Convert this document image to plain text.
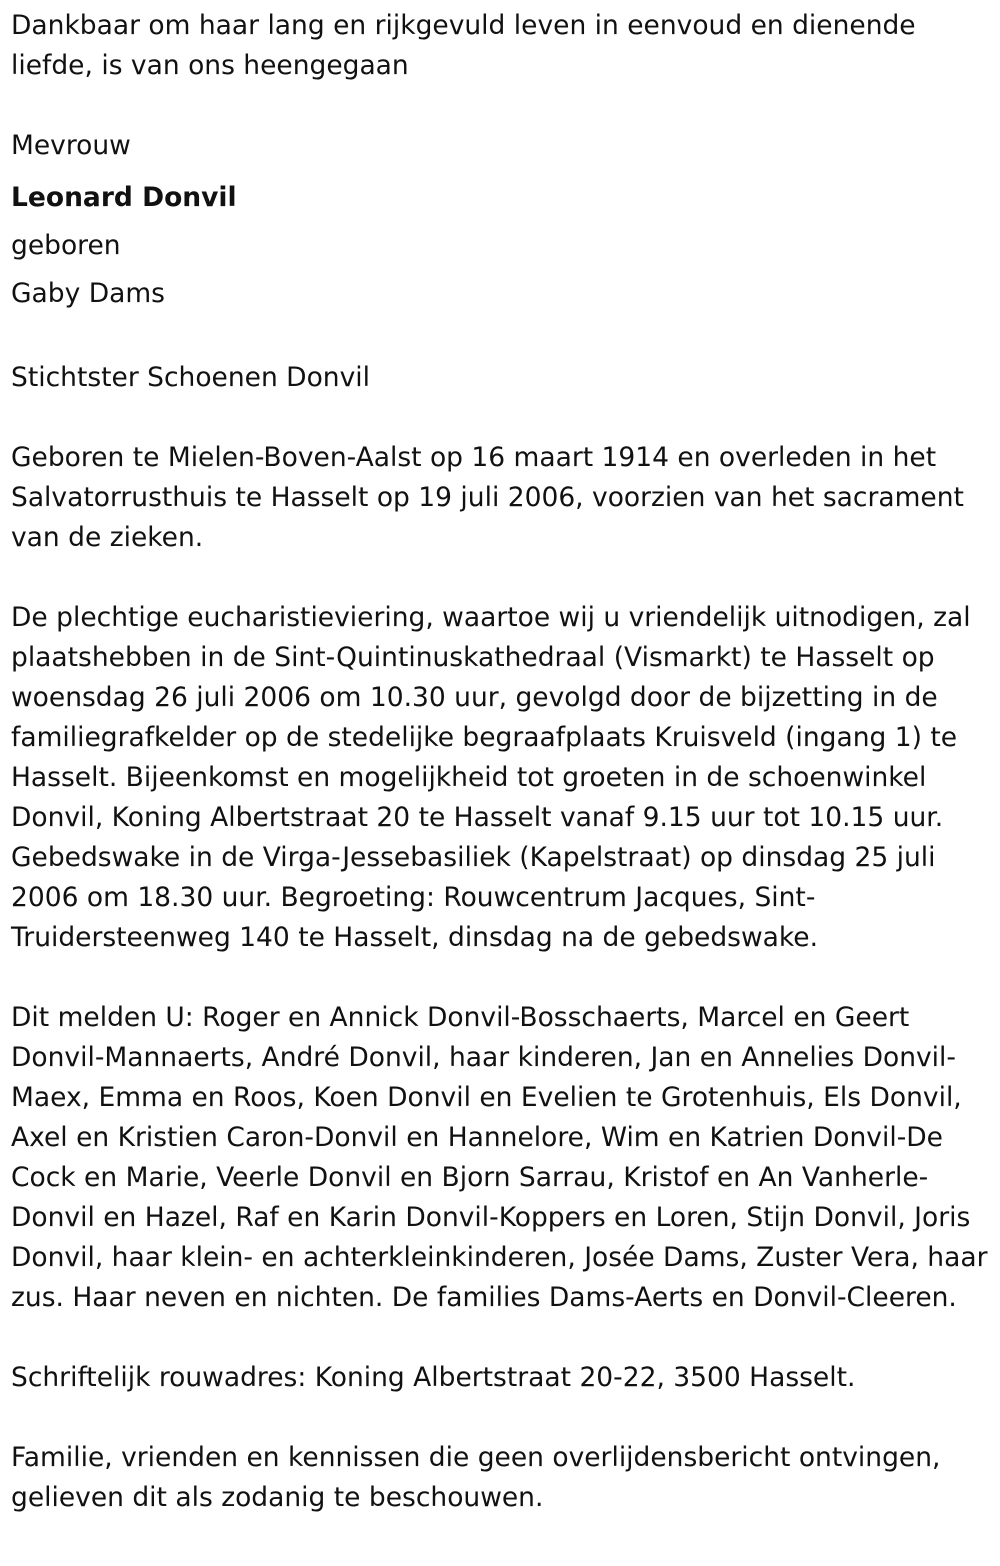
Dankbaar om haar lang en rijkgevuld leven in eenvoud en dienende liefde, is van ons heengegaan

Mevrouw
Leonard Donvil
geboren
Gaby Dams

Stichtster Schoenen Donvil

Geboren te Mielen-Boven-Aalst op 16 maart 1914 en overleden in het Salvatorrusthuis te Hasselt op 19 juli 2006, voorzien van het sacrament van de zieken.

De plechtige eucharistieviering, waartoe wij u vriendelijk uitnodigen, zal plaatshebben in de Sint-Quintinuskathedraal (Vismarkt) te Hasselt op woensdag 26 juli 2006 om 10.30 uur, gevolgd door de bijzetting in de familiegrafkelder op de stedelijke begraafplaats Kruisveld (ingang 1) te Hasselt. Bijeenkomst en mogelijkheid tot groeten in de schoenwinkel Donvil, Koning Albertstraat 20 te Hasselt vanaf 9.15 uur tot 10.15 uur. Gebedswake in de Virga-Jessebasiliek (Kapelstraat) op dinsdag 25 juli 2006 om 18.30 uur. Begroeting: Rouwcentrum Jacques, Sint-Truidersteenweg 140 te Hasselt, dinsdag na de gebedswake.

Dit melden U: Roger en Annick Donvil-Bosschaerts, Marcel en Geert Donvil-Mannaerts, André Donvil, haar kinderen, Jan en Annelies Donvil-Maex, Emma en Roos, Koen Donvil en Evelien te Grotenhuis, Els Donvil, Axel en Kristien Caron-Donvil en Hannelore, Wim en Katrien Donvil-De Cock en Marie, Veerle Donvil en Bjorn Sarrau, Kristof en An Vanherle-Donvil en Hazel, Raf en Karin Donvil-Koppers en Loren, Stijn Donvil, Joris Donvil, haar klein- en achterkleinkinderen, Josée Dams, Zuster Vera, haar zus. Haar neven en nichten. De families Dams-Aerts en Donvil-Cleeren.

Schriftelijk rouwadres: Koning Albertstraat 20-22, 3500 Hasselt.

Familie, vrienden en kennissen die geen overlijdensbericht ontvingen, gelieven dit als zodanig te beschouwen.
